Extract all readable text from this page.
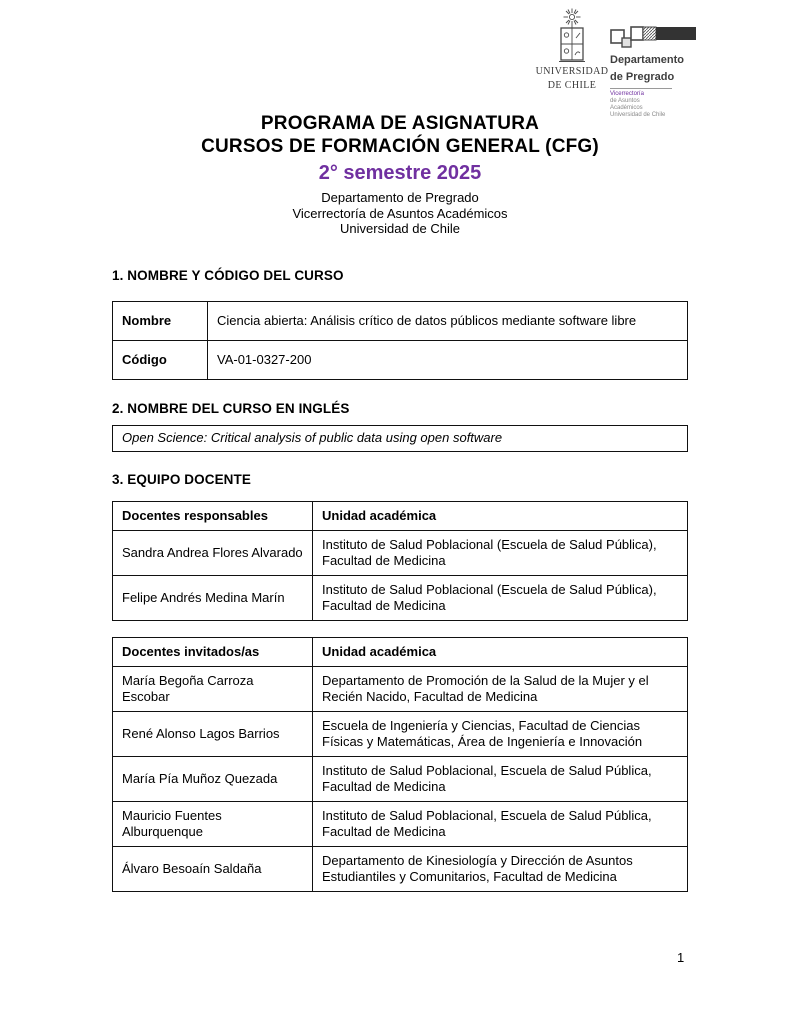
UNIVERSIDAD
DE CHILE
Departamento
de Pregrado
Vicerrectoría
de Asuntos Académicos
Universidad de Chile
PROGRAMA DE ASIGNATURA
CURSOS DE FORMACIÓN GENERAL (CFG)
2° semestre 2025
Departamento de Pregrado
Vicerrectoría de Asuntos Académicos
Universidad de Chile
1. NOMBRE Y CÓDIGO DEL CURSO
Nombre	Ciencia abierta: Análisis crítico de datos públicos mediante software libre
Código	VA-01-0327-200
2. NOMBRE DEL CURSO EN INGLÉS
Open Science: Critical analysis of public data using open software
3. EQUIPO DOCENTE
Docentes responsables	Unidad académica
Sandra Andrea Flores Alvarado	Instituto de Salud Poblacional (Escuela de Salud Pública), Facultad de Medicina
Felipe Andrés Medina Marín	Instituto de Salud Poblacional (Escuela de Salud Pública), Facultad de Medicina
Docentes invitados/as	Unidad académica
María Begoña Carroza Escobar	Departamento de Promoción de la Salud de la Mujer y el Recién Nacido, Facultad de Medicina
René Alonso Lagos Barrios	Escuela de Ingeniería y Ciencias, Facultad de Ciencias Físicas y Matemáticas, Área de Ingeniería e Innovación
María Pía Muñoz Quezada	Instituto de Salud Poblacional, Escuela de Salud Pública, Facultad de Medicina
Mauricio Fuentes Alburquenque	Instituto de Salud Poblacional, Escuela de Salud Pública, Facultad de Medicina
Álvaro Besoaín Saldaña	Departamento de Kinesiología y Dirección de Asuntos Estudiantiles y Comunitarios, Facultad de Medicina
1
